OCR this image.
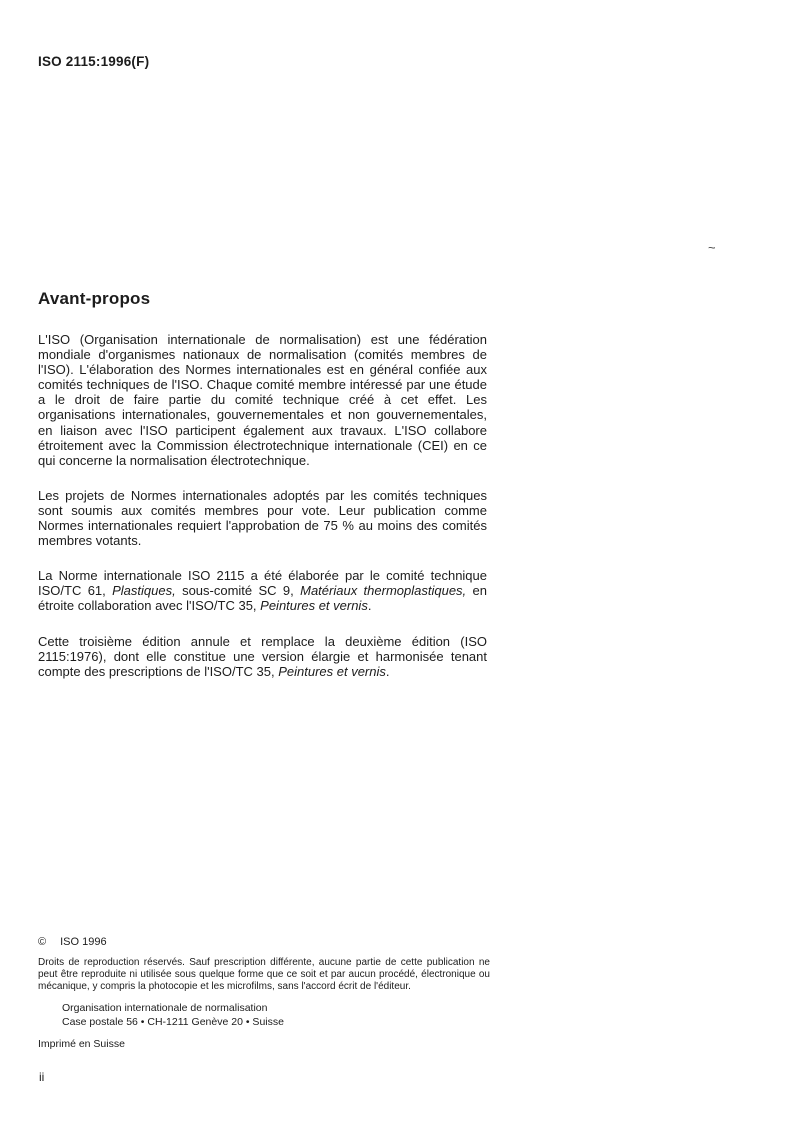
ISO 2115:1996(F)
~
Avant-propos

L'ISO (Organisation internationale de normalisation) est une fédération mondiale d'organismes nationaux de normalisation (comités membres de l'ISO). L'élaboration des Normes internationales est en général confiée aux comités techniques de l'ISO. Chaque comité membre intéressé par une étude a le droit de faire partie du comité technique créé à cet effet. Les organisations internationales, gouvernementales et non gouvernementales, en liaison avec l'ISO participent également aux travaux. L'ISO collabore étroitement avec la Commission électrotechnique internationale (CEI) en ce qui concerne la normalisation électrotechnique.

Les projets de Normes internationales adoptés par les comités techniques sont soumis aux comités membres pour vote. Leur publication comme Normes internationales requiert l'approbation de 75 % au moins des comités membres votants.

La Norme internationale ISO 2115 a été élaborée par le comité technique ISO/TC 61, Plastiques, sous-comité SC 9, Matériaux thermoplastiques, en étroite collaboration avec l'ISO/TC 35, Peintures et vernis.

Cette troisième édition annule et remplace la deuxième édition (ISO 2115:1976), dont elle constitue une version élargie et harmonisée tenant compte des prescriptions de l'ISO/TC 35, Peintures et vernis.

© ISO 1996

Droits de reproduction réservés. Sauf prescription différente, aucune partie de cette publication ne peut être reproduite ni utilisée sous quelque forme que ce soit et par aucun procédé, électronique ou mécanique, y compris la photocopie et les microfilms, sans l'accord écrit de l'éditeur.

Organisation internationale de normalisation
Case postale 56 • CH-1211 Genève 20 • Suisse
Imprimé en Suisse
ii
